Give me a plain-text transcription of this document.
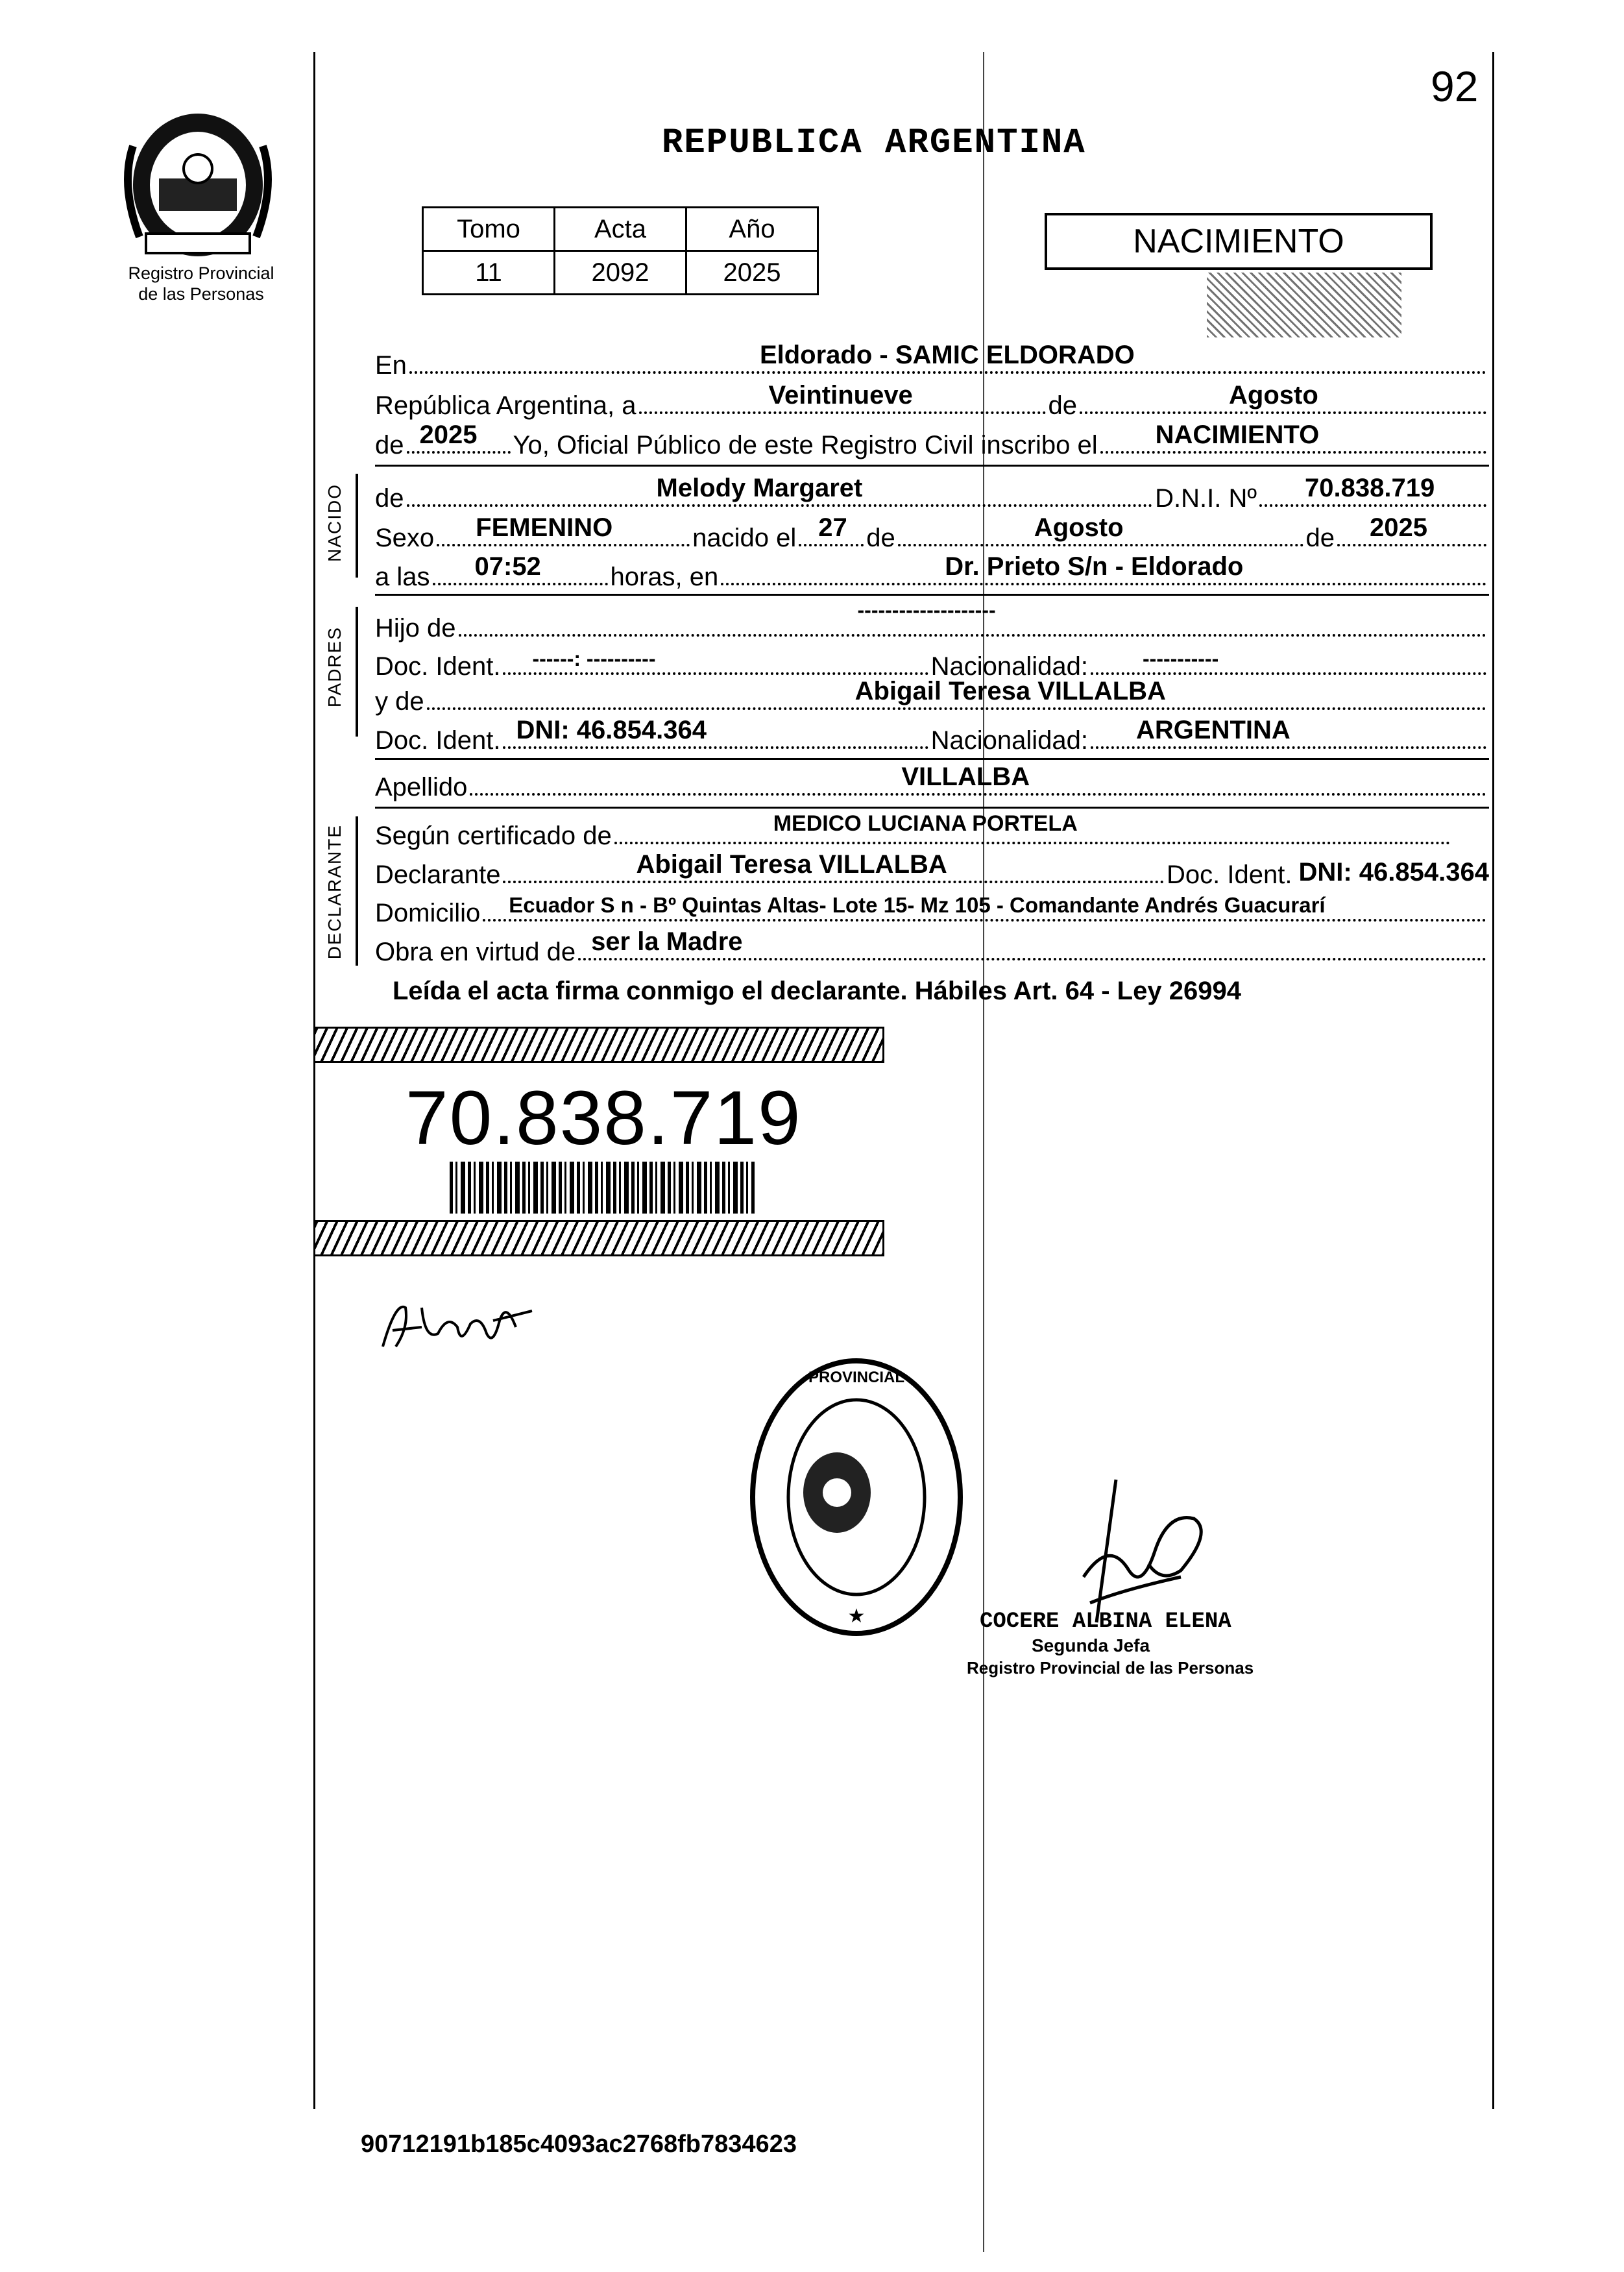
92
REPUBLICA ARGENTINA
Registro Provincial
de las Personas
Tomo	Acta	Año
11	2092	2025
NACIMIENTO
En	Eldorado - SAMIC ELDORADO
República Argentina, a	Veintinueve	de	Agosto
de 2025 Yo, Oficial Público de este Registro Civil inscribo el NACIMIENTO
NACIDO de	Melody Margaret	D.N.I. Nº 70.838.719
Sexo FEMENINO	nacido el 27 de	Agosto	de 2025
a las 07:52	horas, en	Dr. Prieto S/n - Eldorado
PADRES Hijo de
--------------------
Doc. Ident. ------: ----------	Nacionalidad:	-----------
y de	Abigail Teresa VILLALBA
Doc. Ident. DNI: 46.854.364	Nacionalidad: ARGENTINA
Apellido	VILLALBA
DECLARANTE Según certificado de	MEDICO LUCIANA PORTELA
Declarante	Abigail Teresa VILLALBA	Doc. Ident. DNI: 46.854.364
Domicilio Ecuador S n - Bº Quintas Altas- Lote 15- Mz 105 - Comandante Andrés Guacurarí
Obra en virtud de ser la Madre
Leída el acta firma conmigo el declarante. Hábiles Art. 64 - Ley 26994
70.838.719
PROVINCIAL
★	COCERE ALBINA ELENA
Segunda Jefa
Registro Provincial de las Personas
90712191b185c4093ac2768fb7834623
